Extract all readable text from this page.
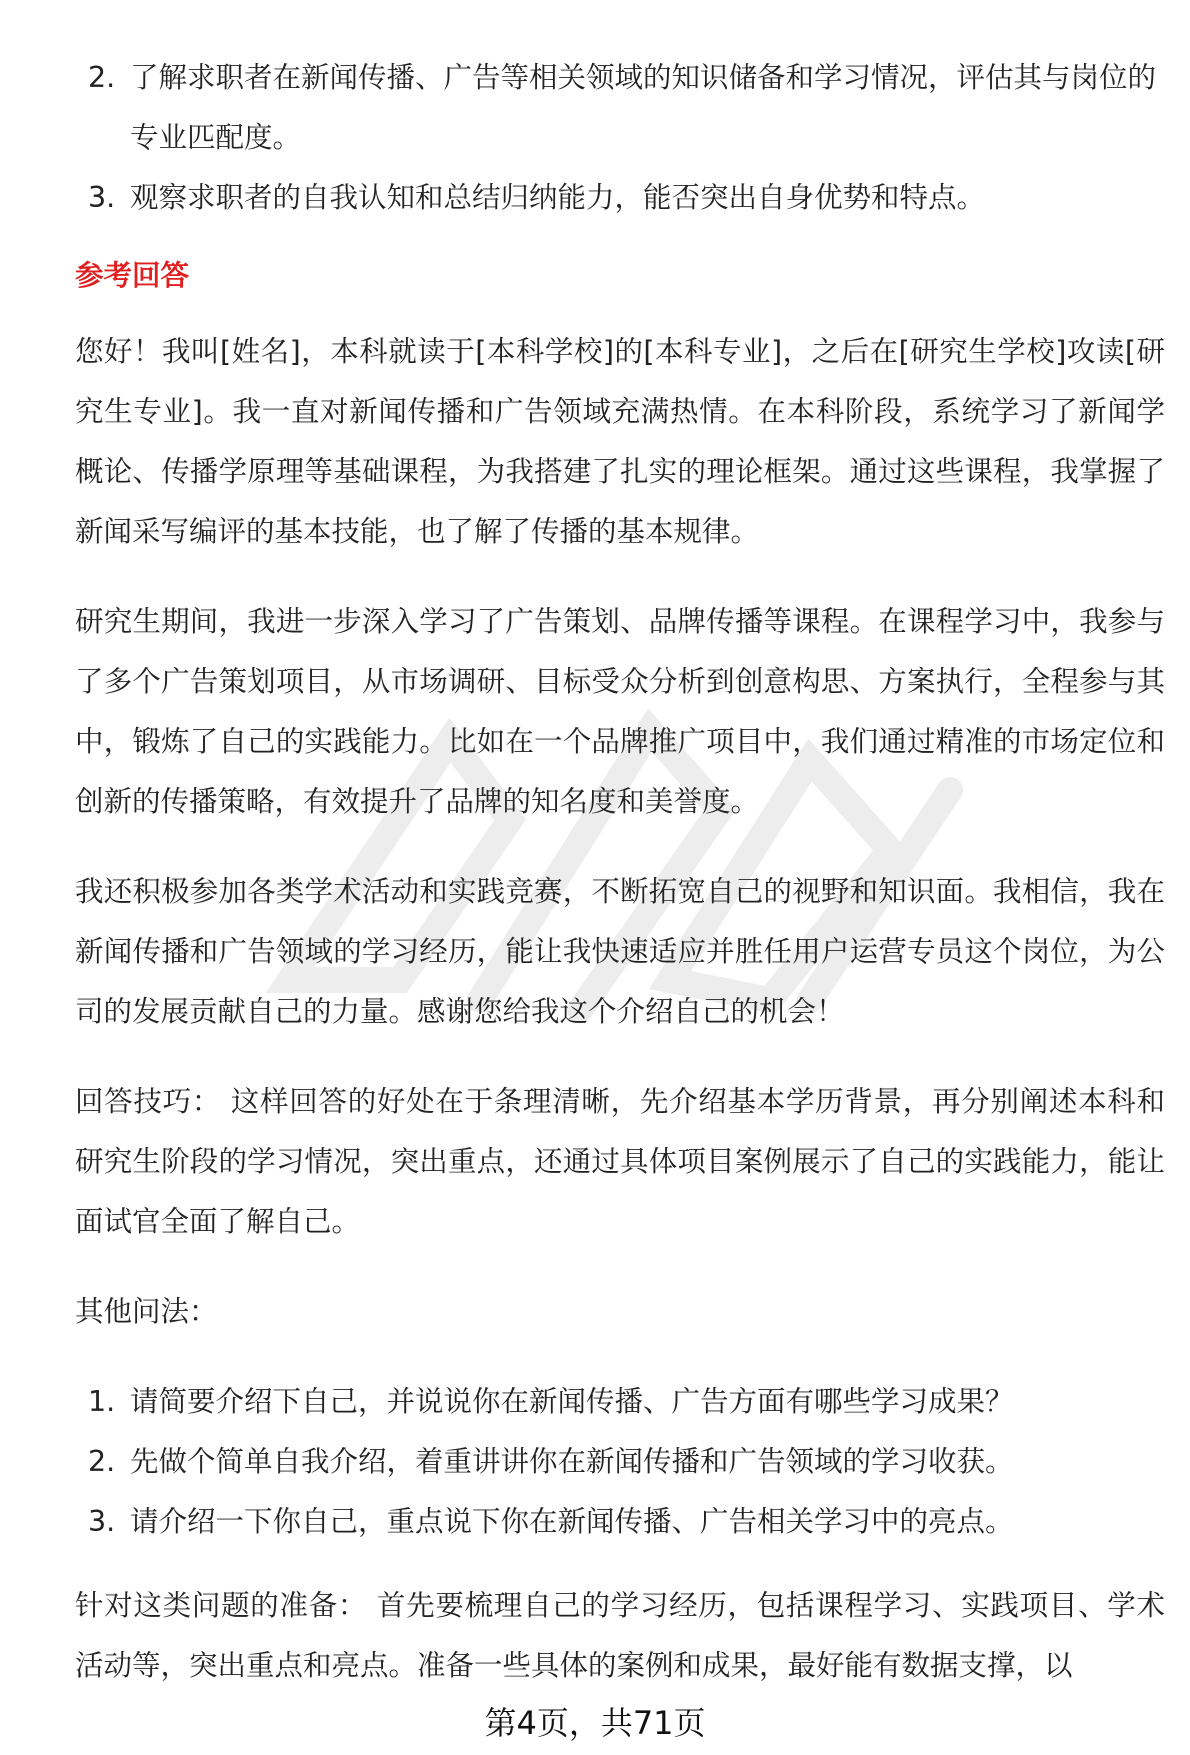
2. 了解求职者在新闻传播、广告等相关领域的知识储备和学习情况，评估其与岗位的专业匹配度。
3. 观察求职者的自我认知和总结归纳能力，能否突出自身优势和特点。
参考回答

您好！我叫[姓名]，本科就读于[本科学校]的[本科专业]，之后在[研究生学校]攻读[研究生专业]。我一直对新闻传播和广告领域充满热情。在本科阶段，系统学习了新闻学概论、传播学原理等基础课程，为我搭建了扎实的理论框架。通过这些课程，我掌握了新闻采写编评的基本技能，也了解了传播的基本规律。

研究生期间，我进一步深入学习了广告策划、品牌传播等课程。在课程学习中，我参与了多个广告策划项目，从市场调研、目标受众分析到创意构思、方案执行，全程参与其中，锻炼了自己的实践能力。比如在一个品牌推广项目中，我们通过精准的市场定位和创新的传播策略，有效提升了品牌的知名度和美誉度。

我还积极参加各类学术活动和实践竞赛，不断拓宽自己的视野和知识面。我相信，我在新闻传播和广告领域的学习经历，能让我快速适应并胜任用户运营专员这个岗位，为公司的发展贡献自己的力量。感谢您给我这个介绍自己的机会！

回答技巧： 这样回答的好处在于条理清晰，先介绍基本学历背景，再分别阐述本科和研究生阶段的学习情况，突出重点，还通过具体项目案例展示了自己的实践能力，能让面试官全面了解自己。

其他问法：

1. 请简要介绍下自己，并说说你在新闻传播、广告方面有哪些学习成果？
2. 先做个简单自我介绍，着重讲讲你在新闻传播和广告领域的学习收获。
3. 请介绍一下你自己，重点说下你在新闻传播、广告相关学习中的亮点。

针对这类问题的准备： 首先要梳理自己的学习经历，包括课程学习、实践项目、学术活动等，突出重点和亮点。准备一些具体的案例和成果，最好能有数据支撑，以

第4页，共71页
